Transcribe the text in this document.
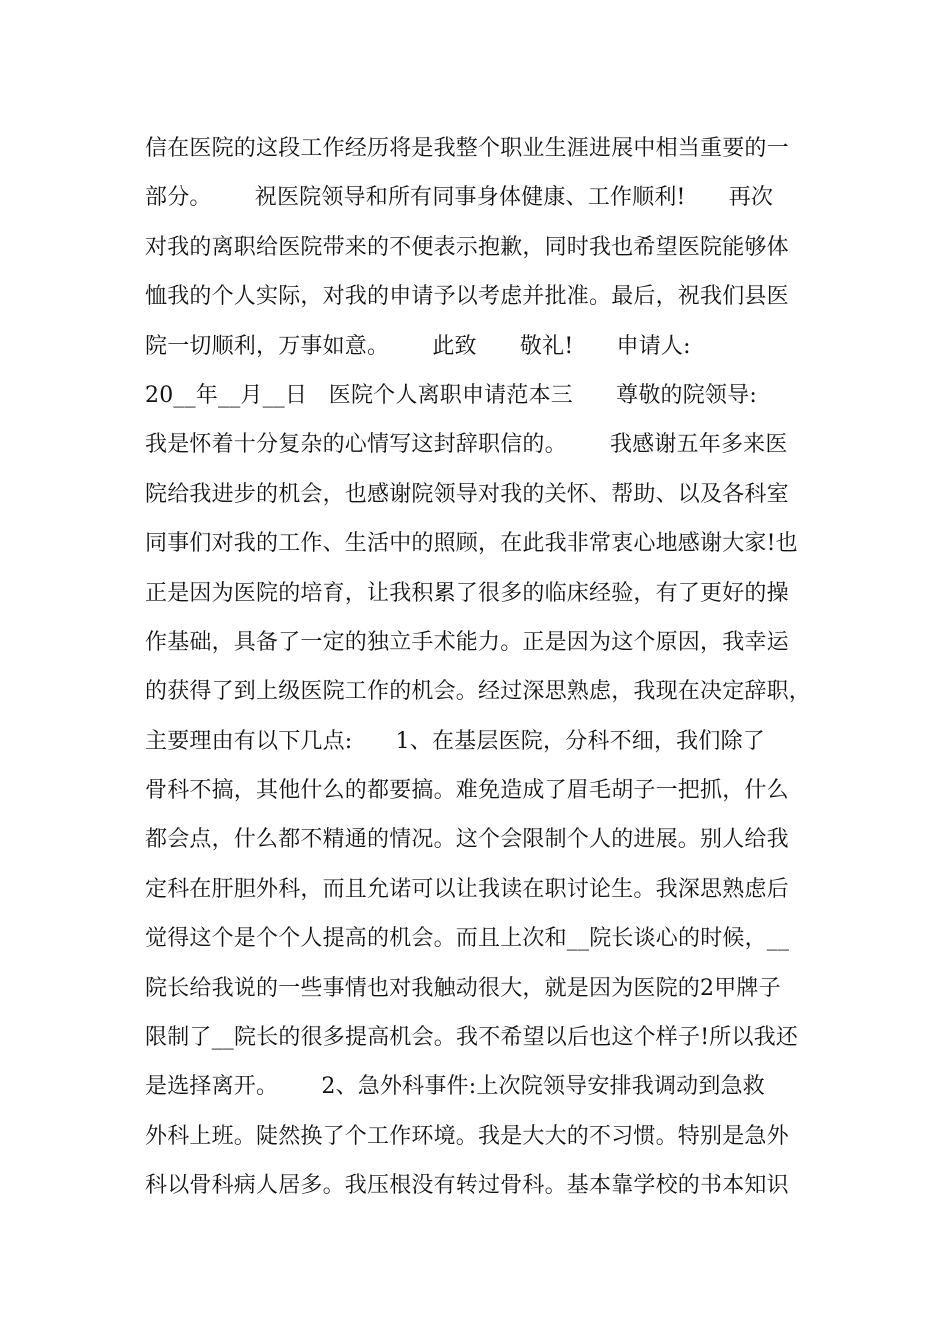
信在医院的这段工作经历将是我整个职业生涯进展中相当重要的一
部分。      祝医院领导和所有同事身体健康、工作顺利!      再次
对我的离职给医院带来的不便表示抱歉，同时我也希望医院能够体
恤我的个人实际，对我的申请予以考虑并批准。最后，祝我们县医
院一切顺利，万事如意。      此致      敬礼!      申请人:
20__年__月__日   医院个人离职申请范本三      尊敬的院领导:
我是怀着十分复杂的心情写这封辞职信的。      我感谢五年多来医
院给我进步的机会，也感谢院领导对我的关怀、帮助、以及各科室
同事们对我的工作、生活中的照顾，在此我非常衷心地感谢大家!也
正是因为医院的培育，让我积累了很多的临床经验，有了更好的操
作基础，具备了一定的独立手术能力。正是因为这个原因，我幸运
的获得了到上级医院工作的机会。经过深思熟虑，我现在决定辞职，
主要理由有以下几点:      1、在基层医院，分科不细，我们除了
骨科不搞，其他什么的都要搞。难免造成了眉毛胡子一把抓，什么
都会点，什么都不精通的情况。这个会限制个人的进展。别人给我
定科在肝胆外科，而且允诺可以让我读在职讨论生。我深思熟虑后
觉得这个是个个人提高的机会。而且上次和__院长谈心的时候，__
院长给我说的一些事情也对我触动很大，就是因为医院的2甲牌子
限制了__院长的很多提高机会。我不希望以后也这个样子!所以我还
是选择离开。      2、急外科事件:上次院领导安排我调动到急救
外科上班。陡然换了个工作环境。我是大大的不习惯。特别是急外
科以骨科病人居多。我压根没有转过骨科。基本靠学校的书本知识
